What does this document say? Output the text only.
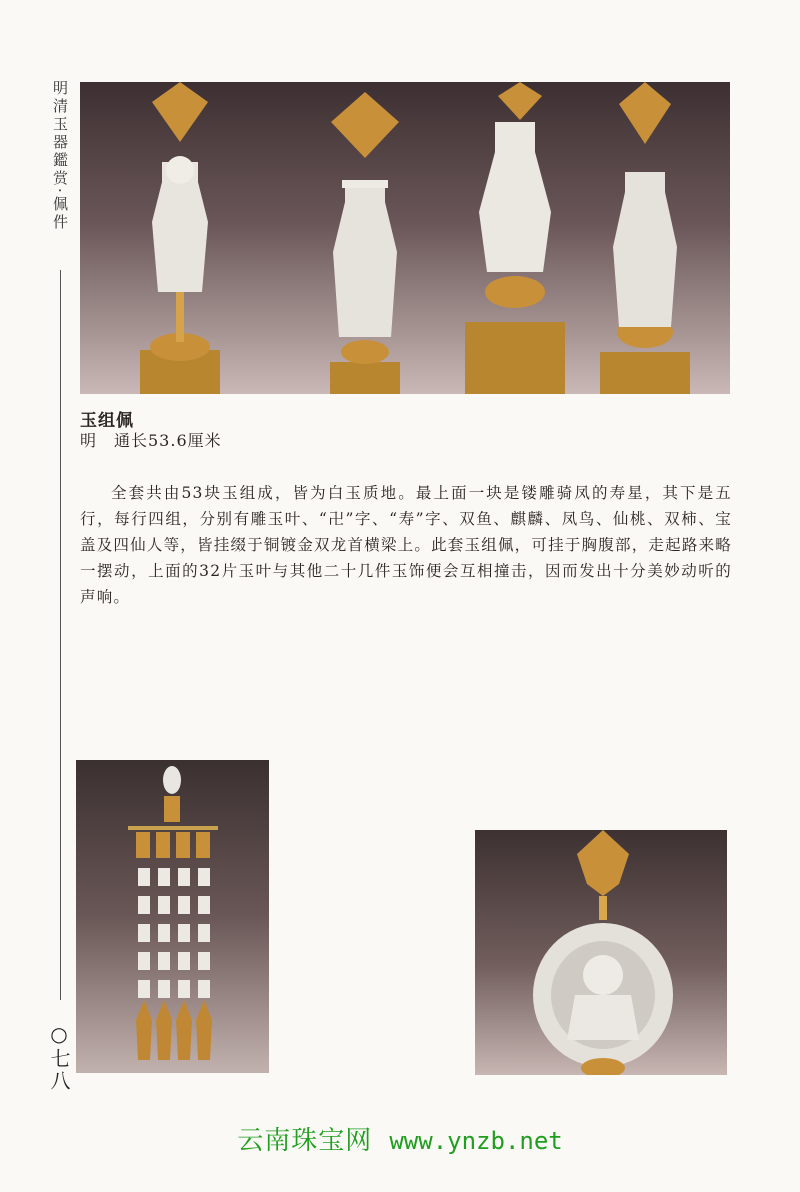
明清玉器鑑赏·佩件
玉组佩
明　通长53.6厘米

全套共由53块玉组成，皆为白玉质地。最上面一块是镂雕骑凤的寿星，其下是五行，每行四组，分别有雕玉叶、“卍”字、“寿”字、双鱼、麒麟、凤鸟、仙桃、双柿、宝盖及四仙人等，皆挂缀于铜镀金双龙首横梁上。此套玉组佩，可挂于胸腹部，走起路来略一摆动，上面的32片玉叶与其他二十几件玉饰便会互相撞击，因而发出十分美妙动听的声响。

○七八
云南珠宝网 www.ynzb.net
